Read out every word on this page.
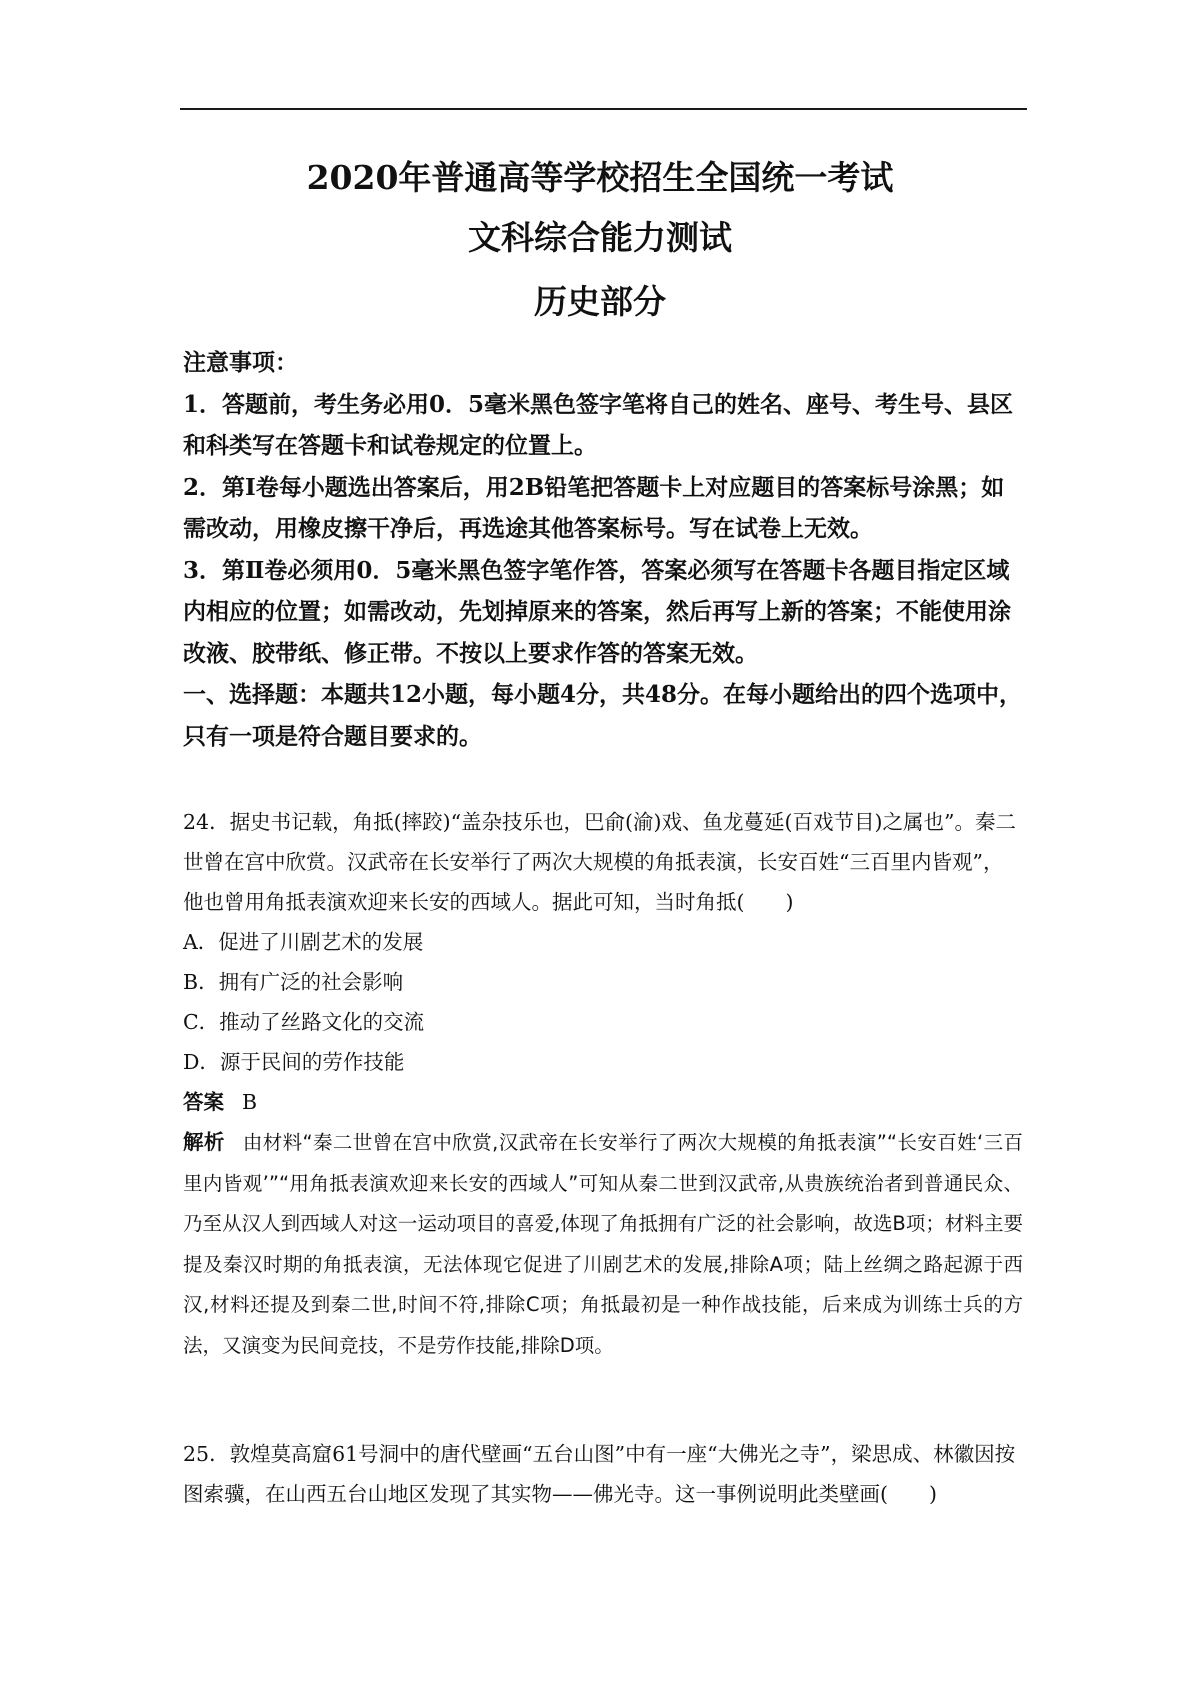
2020年普通高等学校招生全国统一考试
文科综合能力测试
历史部分

注意事项：

1．答题前，考生务必用0．5毫米黑色签字笔将自己的姓名、座号、考生号、县区和科类写在答题卡和试卷规定的位置上。

2．第Ⅰ卷每小题选出答案后，用2B铅笔把答题卡上对应题目的答案标号涂黑；如需改动，用橡皮擦干净后，再选途其他答案标号。写在试卷上无效。

3．第Ⅱ卷必须用0．5毫米黑色签字笔作答，答案必须写在答题卡各题目指定区域内相应的位置；如需改动，先划掉原来的答案，然后再写上新的答案；不能使用涂改液、胶带纸、修正带。不按以上要求作答的答案无效。

一、选择题：本题共12小题，每小题4分，共48分。在每小题给出的四个选项中，只有一项是符合题目要求的。

24．据史书记载，角抵(摔跤)“盖杂技乐也，巴俞(渝)戏、鱼龙蔓延(百戏节目)之属也”。秦二世曾在宫中欣赏。汉武帝在长安举行了两次大规模的角抵表演，长安百姓“三百里内皆观”，他也曾用角抵表演欢迎来长安的西域人。据此可知，当时角抵(　　)

A．促进了川剧艺术的发展

B．拥有广泛的社会影响

C．推动了丝路文化的交流

D．源于民间的劳作技能

答案 B

解析 由材料“秦二世曾在宫中欣赏,汉武帝在长安举行了两次大规模的角抵表演”“长安百姓‘三百里内皆观’”“用角抵表演欢迎来长安的西域人”可知从秦二世到汉武帝,从贵族统治者到普通民众、乃至从汉人到西域人对这一运动项目的喜爱,体现了角抵拥有广泛的社会影响，故选B项；材料主要提及秦汉时期的角抵表演，无法体现它促进了川剧艺术的发展,排除A项；陆上丝绸之路起源于西汉,材料还提及到秦二世,时间不符,排除C项；角抵最初是一种作战技能，后来成为训练士兵的方法，又演变为民间竞技，不是劳作技能,排除D项。

25．敦煌莫高窟61号洞中的唐代壁画“五台山图”中有一座“大佛光之寺”，梁思成、林徽因按图索骥，在山西五台山地区发现了其实物——佛光寺。这一事例说明此类壁画(　　)
